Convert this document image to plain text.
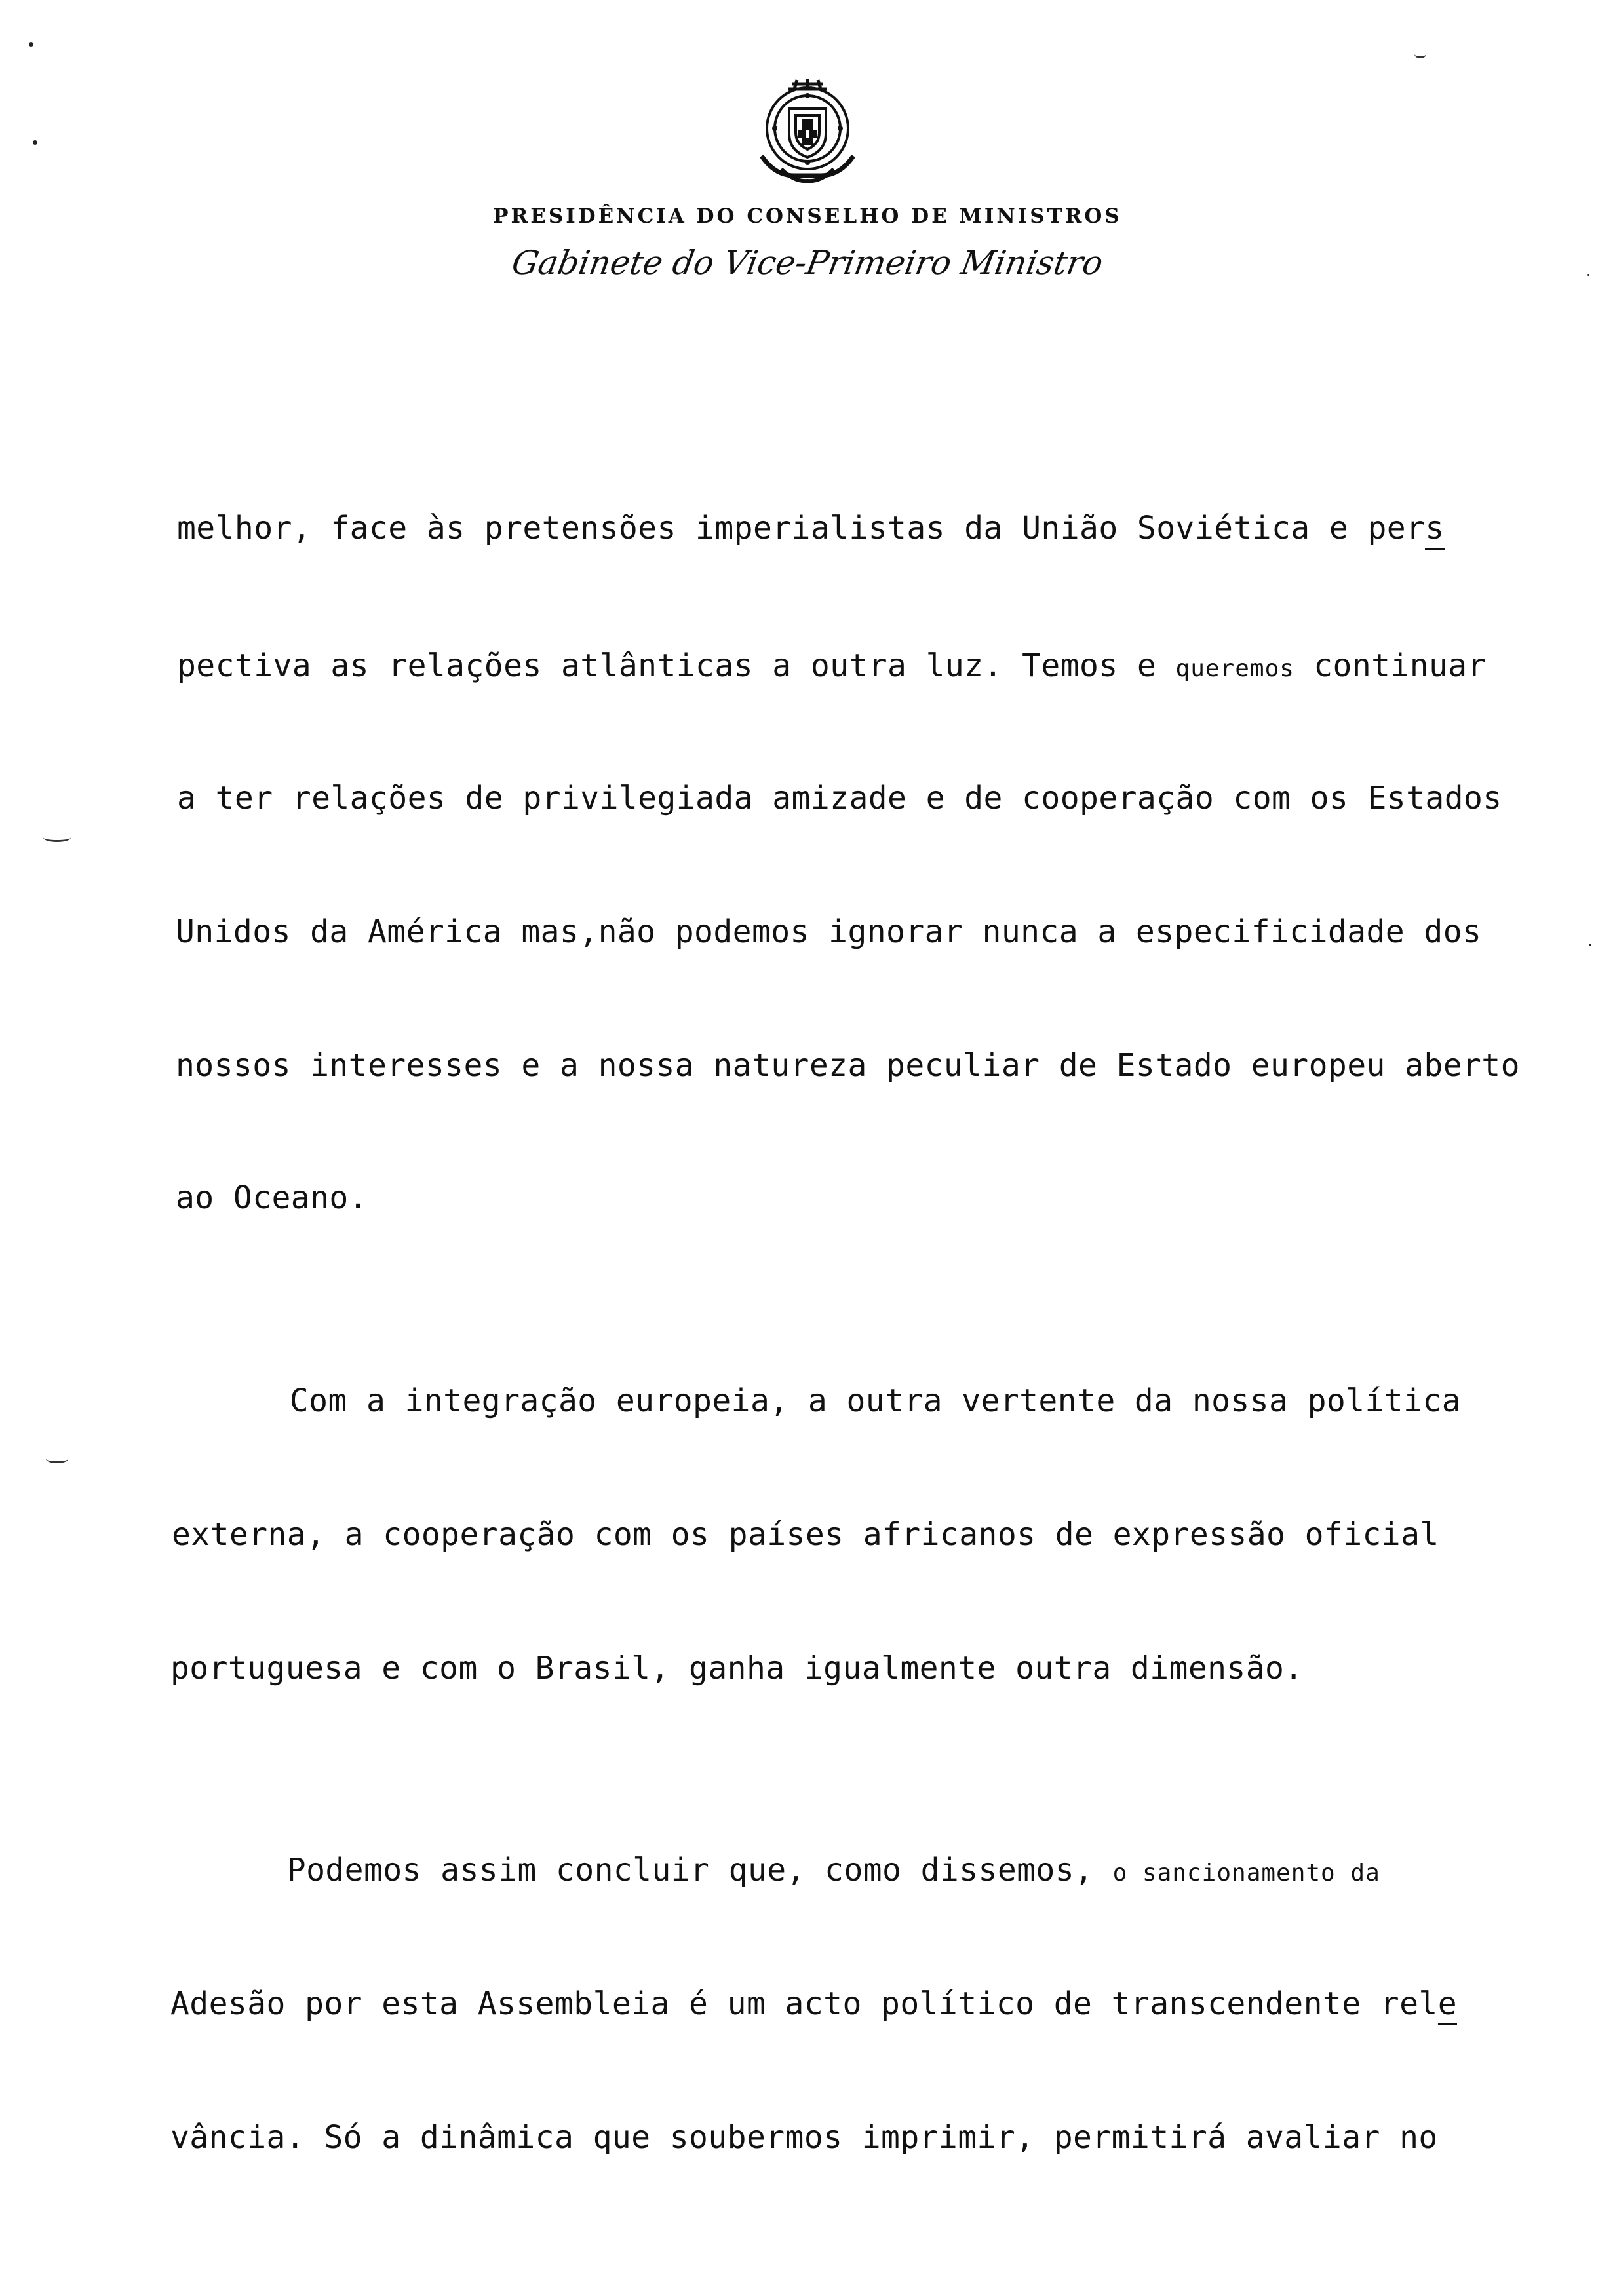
PRESIDÊNCIA DO CONSELHO DE MINISTROS
Gabinete do Vice-Primeiro Ministro
melhor, face às pretensões imperialistas da União Soviética e pers
pectiva as relações atlânticas a outra luz. Temos e queremos continuar
a ter relações de privilegiada amizade e de cooperação com os Estados
Unidos da América mas,não podemos ignorar nunca a especificidade dos
nossos interesses e a nossa natureza peculiar de Estado europeu aberto
ao Oceano.
Com a integração europeia, a outra vertente da nossa política
externa, a cooperação com os países africanos de expressão oficial
portuguesa e com o Brasil, ganha igualmente outra dimensão.
Podemos assim concluir que, como dissemos, o sancionamento da
Adesão por esta Assembleia é um acto político de transcendente rele
vância. Só a dinâmica que soubermos imprimir, permitirá avaliar no
